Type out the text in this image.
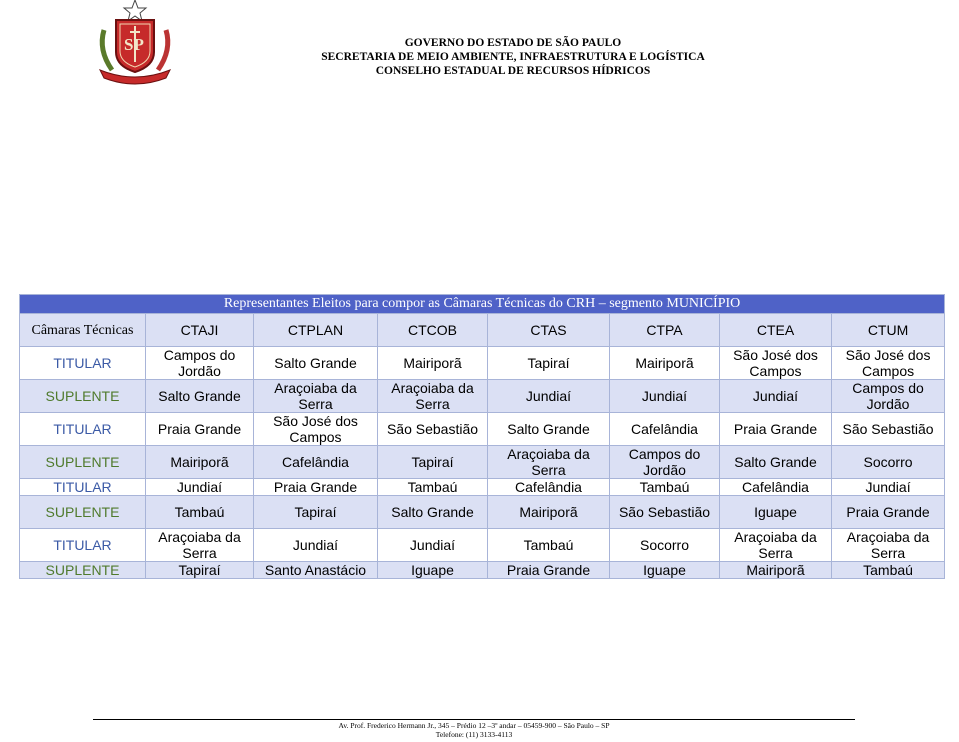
SP	GOVERNO DO ESTADO DE SÃO PAULO
SECRETARIA DE MEIO AMBIENTE, INFRAESTRUTURA E LOGÍSTICA
CONSELHO ESTADUAL DE RECURSOS HÍDRICOS
Representantes Eleitos para compor as Câmaras Técnicas do CRH – segmento MUNICÍPIO							
Câmaras Técnicas	CTAJI	CTPLAN	CTCOB	CTAS	CTPA	CTEA	CTUM
TITULAR	Campos do Jordão	Salto Grande	Mairiporã	Tapiraí	Mairiporã	São José dos Campos	São José dos Campos
SUPLENTE	Salto Grande	Araçoiaba da Serra	Araçoiaba da Serra	Jundiaí	Jundiaí	Jundiaí	Campos do Jordão
TITULAR	Praia Grande	São José dos Campos	São Sebastião	Salto Grande	Cafelândia	Praia Grande	São Sebastião
SUPLENTE	Mairiporã	Cafelândia	Tapiraí	Araçoiaba da Serra	Campos do Jordão	Salto Grande	Socorro
TITULAR	Jundiaí	Praia Grande	Tambaú	Cafelândia	Tambaú	Cafelândia	Jundiaí
SUPLENTE	Tambaú	Tapiraí	Salto Grande	Mairiporã	São Sebastião	Iguape	Praia Grande
TITULAR	Araçoiaba da Serra	Jundiaí	Jundiaí	Tambaú	Socorro	Araçoiaba da Serra	Araçoiaba da Serra
SUPLENTE	Tapiraí	Santo Anastácio	Iguape	Praia Grande	Iguape	Mairiporã	Tambaú
Av. Prof. Frederico Hermann Jr., 345 – Prédio 12 –3º andar – 05459-900 – São Paulo – SP
Telefone: (11) 3133-4113
